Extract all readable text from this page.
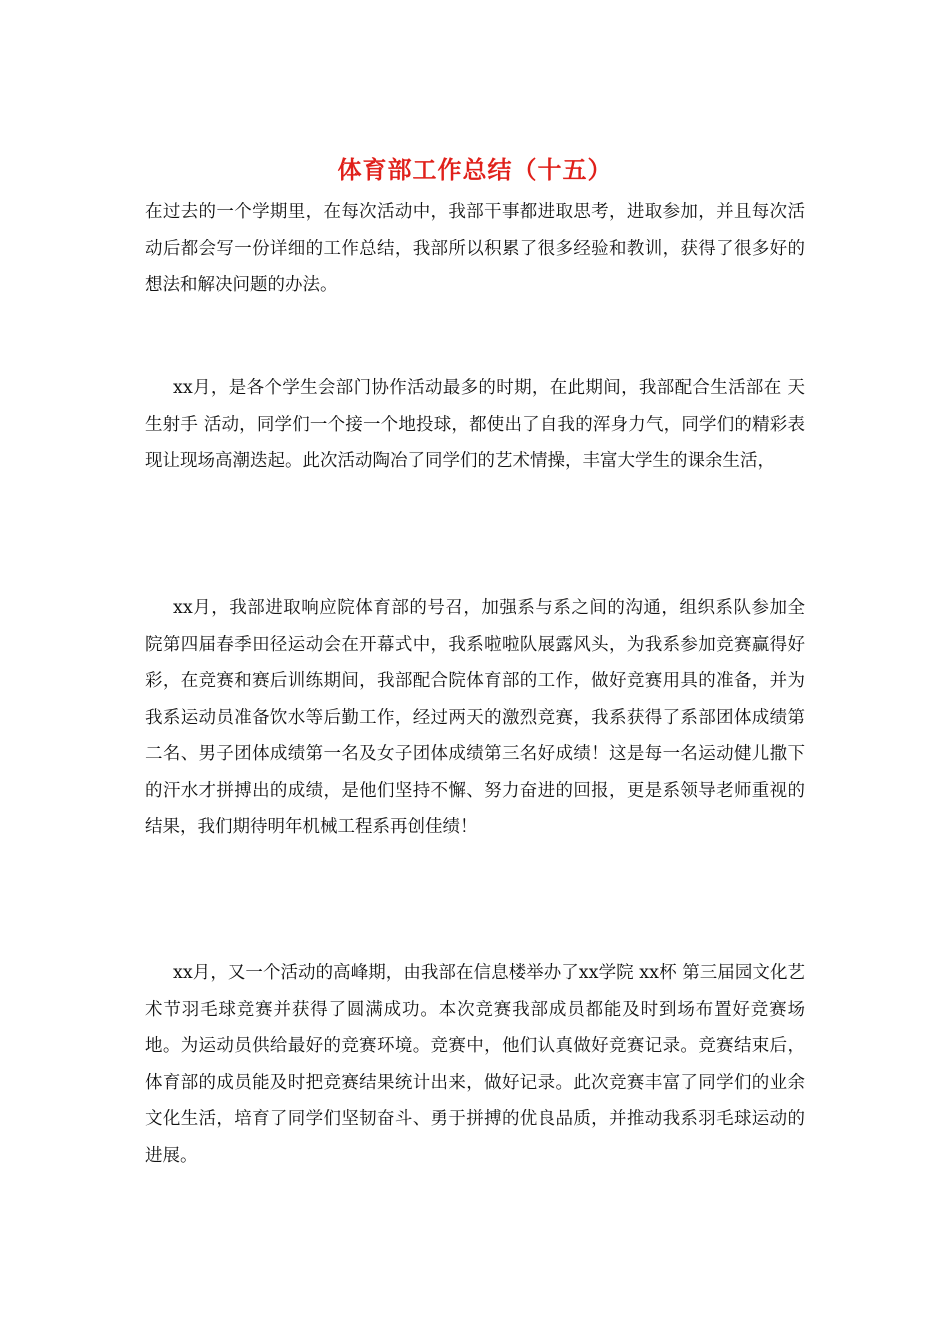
体育部工作总结（十五）

在过去的一个学期里，在每次活动中，我部干事都进取思考，进取参加，并且每次活动后都会写一份详细的工作总结，我部所以积累了很多经验和教训，获得了很多好的想法和解决问题的办法。

xx月，是各个学生会部门协作活动最多的时期，在此期间，我部配合生活部在 天生射手 活动，同学们一个接一个地投球，都使出了自我的浑身力气，同学们的精彩表现让现场高潮迭起。此次活动陶冶了同学们的艺术情操，丰富大学生的课余生活，

xx月，我部进取响应院体育部的号召，加强系与系之间的沟通，组织系队参加全院第四届春季田径运动会在开幕式中，我系啦啦队展露风头，为我系参加竞赛赢得好彩，在竞赛和赛后训练期间，我部配合院体育部的工作，做好竞赛用具的准备，并为我系运动员准备饮水等后勤工作，经过两天的激烈竞赛，我系获得了系部团体成绩第二名、男子团体成绩第一名及女子团体成绩第三名好成绩！这是每一名运动健儿撒下的汗水才拼搏出的成绩，是他们坚持不懈、努力奋进的回报，更是系领导老师重视的结果，我们期待明年机械工程系再创佳绩！

xx月，又一个活动的高峰期，由我部在信息楼举办了xx学院 xx杯 第三届园文化艺术节羽毛球竞赛并获得了圆满成功。本次竞赛我部成员都能及时到场布置好竞赛场地。为运动员供给最好的竞赛环境。竞赛中，他们认真做好竞赛记录。竞赛结束后，体育部的成员能及时把竞赛结果统计出来，做好记录。此次竞赛丰富了同学们的业余文化生活，培育了同学们坚韧奋斗、勇于拼搏的优良品质，并推动我系羽毛球运动的进展。
